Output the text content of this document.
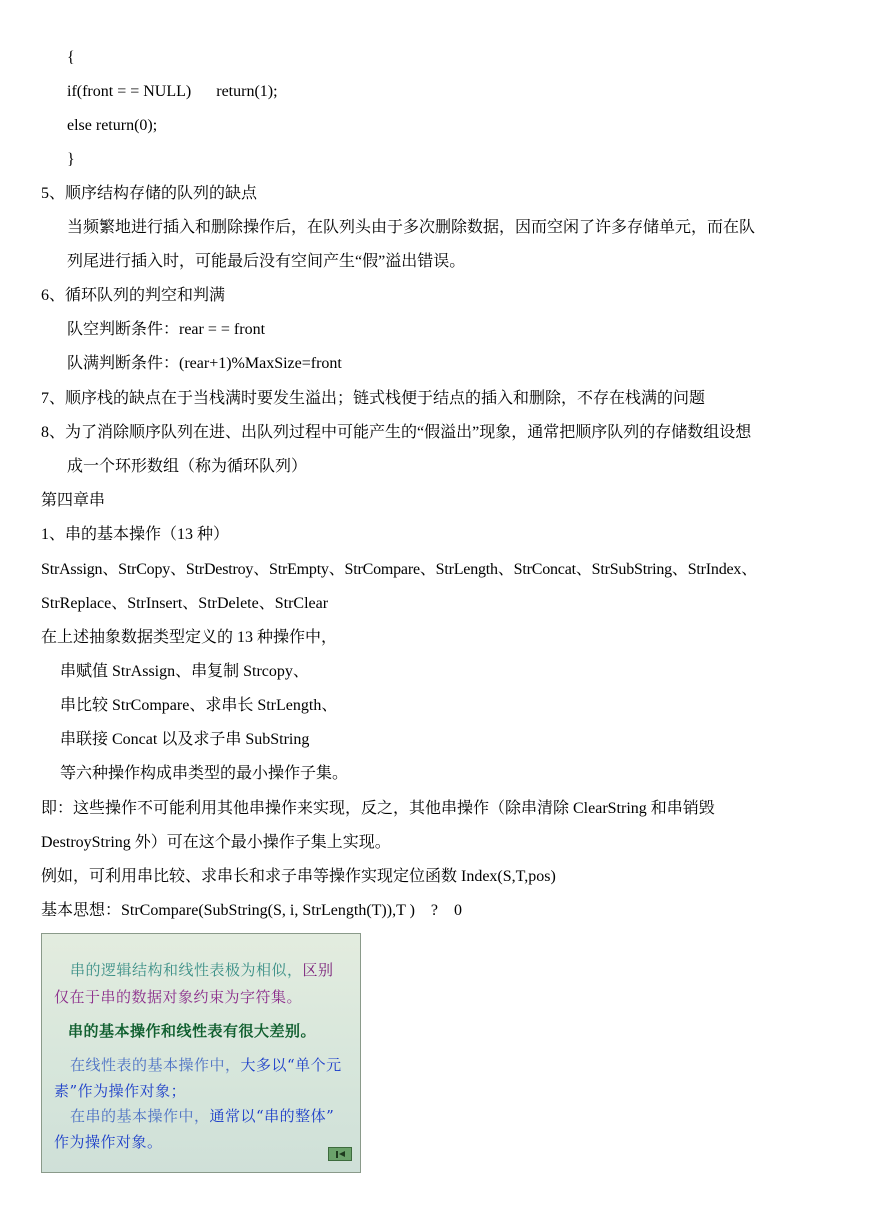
{
if(front = = NULL) return(1);
else return(0);
}
5、顺序结构存储的队列的缺点
当频繁地进行插入和删除操作后，在队列头由于多次删除数据，因而空闲了许多存储单元，而在队
列尾进行插入时，可能最后没有空间产生“假”溢出错误。
6、循环队列的判空和判满
队空判断条件：rear = = front
队满判断条件：(rear+1)%MaxSize=front
7、顺序栈的缺点在于当栈满时要发生溢出；链式栈便于结点的插入和删除，不存在栈满的问题
8、为了消除顺序队列在进、出队列过程中可能产生的“假溢出”现象，通常把顺序队列的存储数组设想
成一个环形数组（称为循环队列）
第四章串
1、串的基本操作（13 种）
StrAssign、StrCopy、StrDestroy、StrEmpty、StrCompare、StrLength、StrConcat、StrSubString、StrIndex、
StrReplace、StrInsert、StrDelete、StrClear
在上述抽象数据类型定义的 13 种操作中，
串赋值 StrAssign、串复制 Strcopy、
串比较 StrCompare、求串长 StrLength、
串联接 Concat 以及求子串 SubString
等六种操作构成串类型的最小操作子集。
即：这些操作不可能利用其他串操作来实现，反之，其他串操作（除串清除 ClearString 和串销毁
DestroyString 外）可在这个最小操作子集上实现。
例如，可利用串比较、求串长和求子串等操作实现定位函数 Index(S,T,pos)
基本思想：StrCompare(SubString(S, i, StrLength(T)),T )    ?    0
串的逻辑结构和线性表极为相似，区别
仅在于串的数据对象约束为字符集。
串的基本操作和线性表有很大差别。
在线性表的基本操作中，大多以“单个元
素”作为操作对象；
在串的基本操作中，通常以“串的整体”
作为操作对象。
